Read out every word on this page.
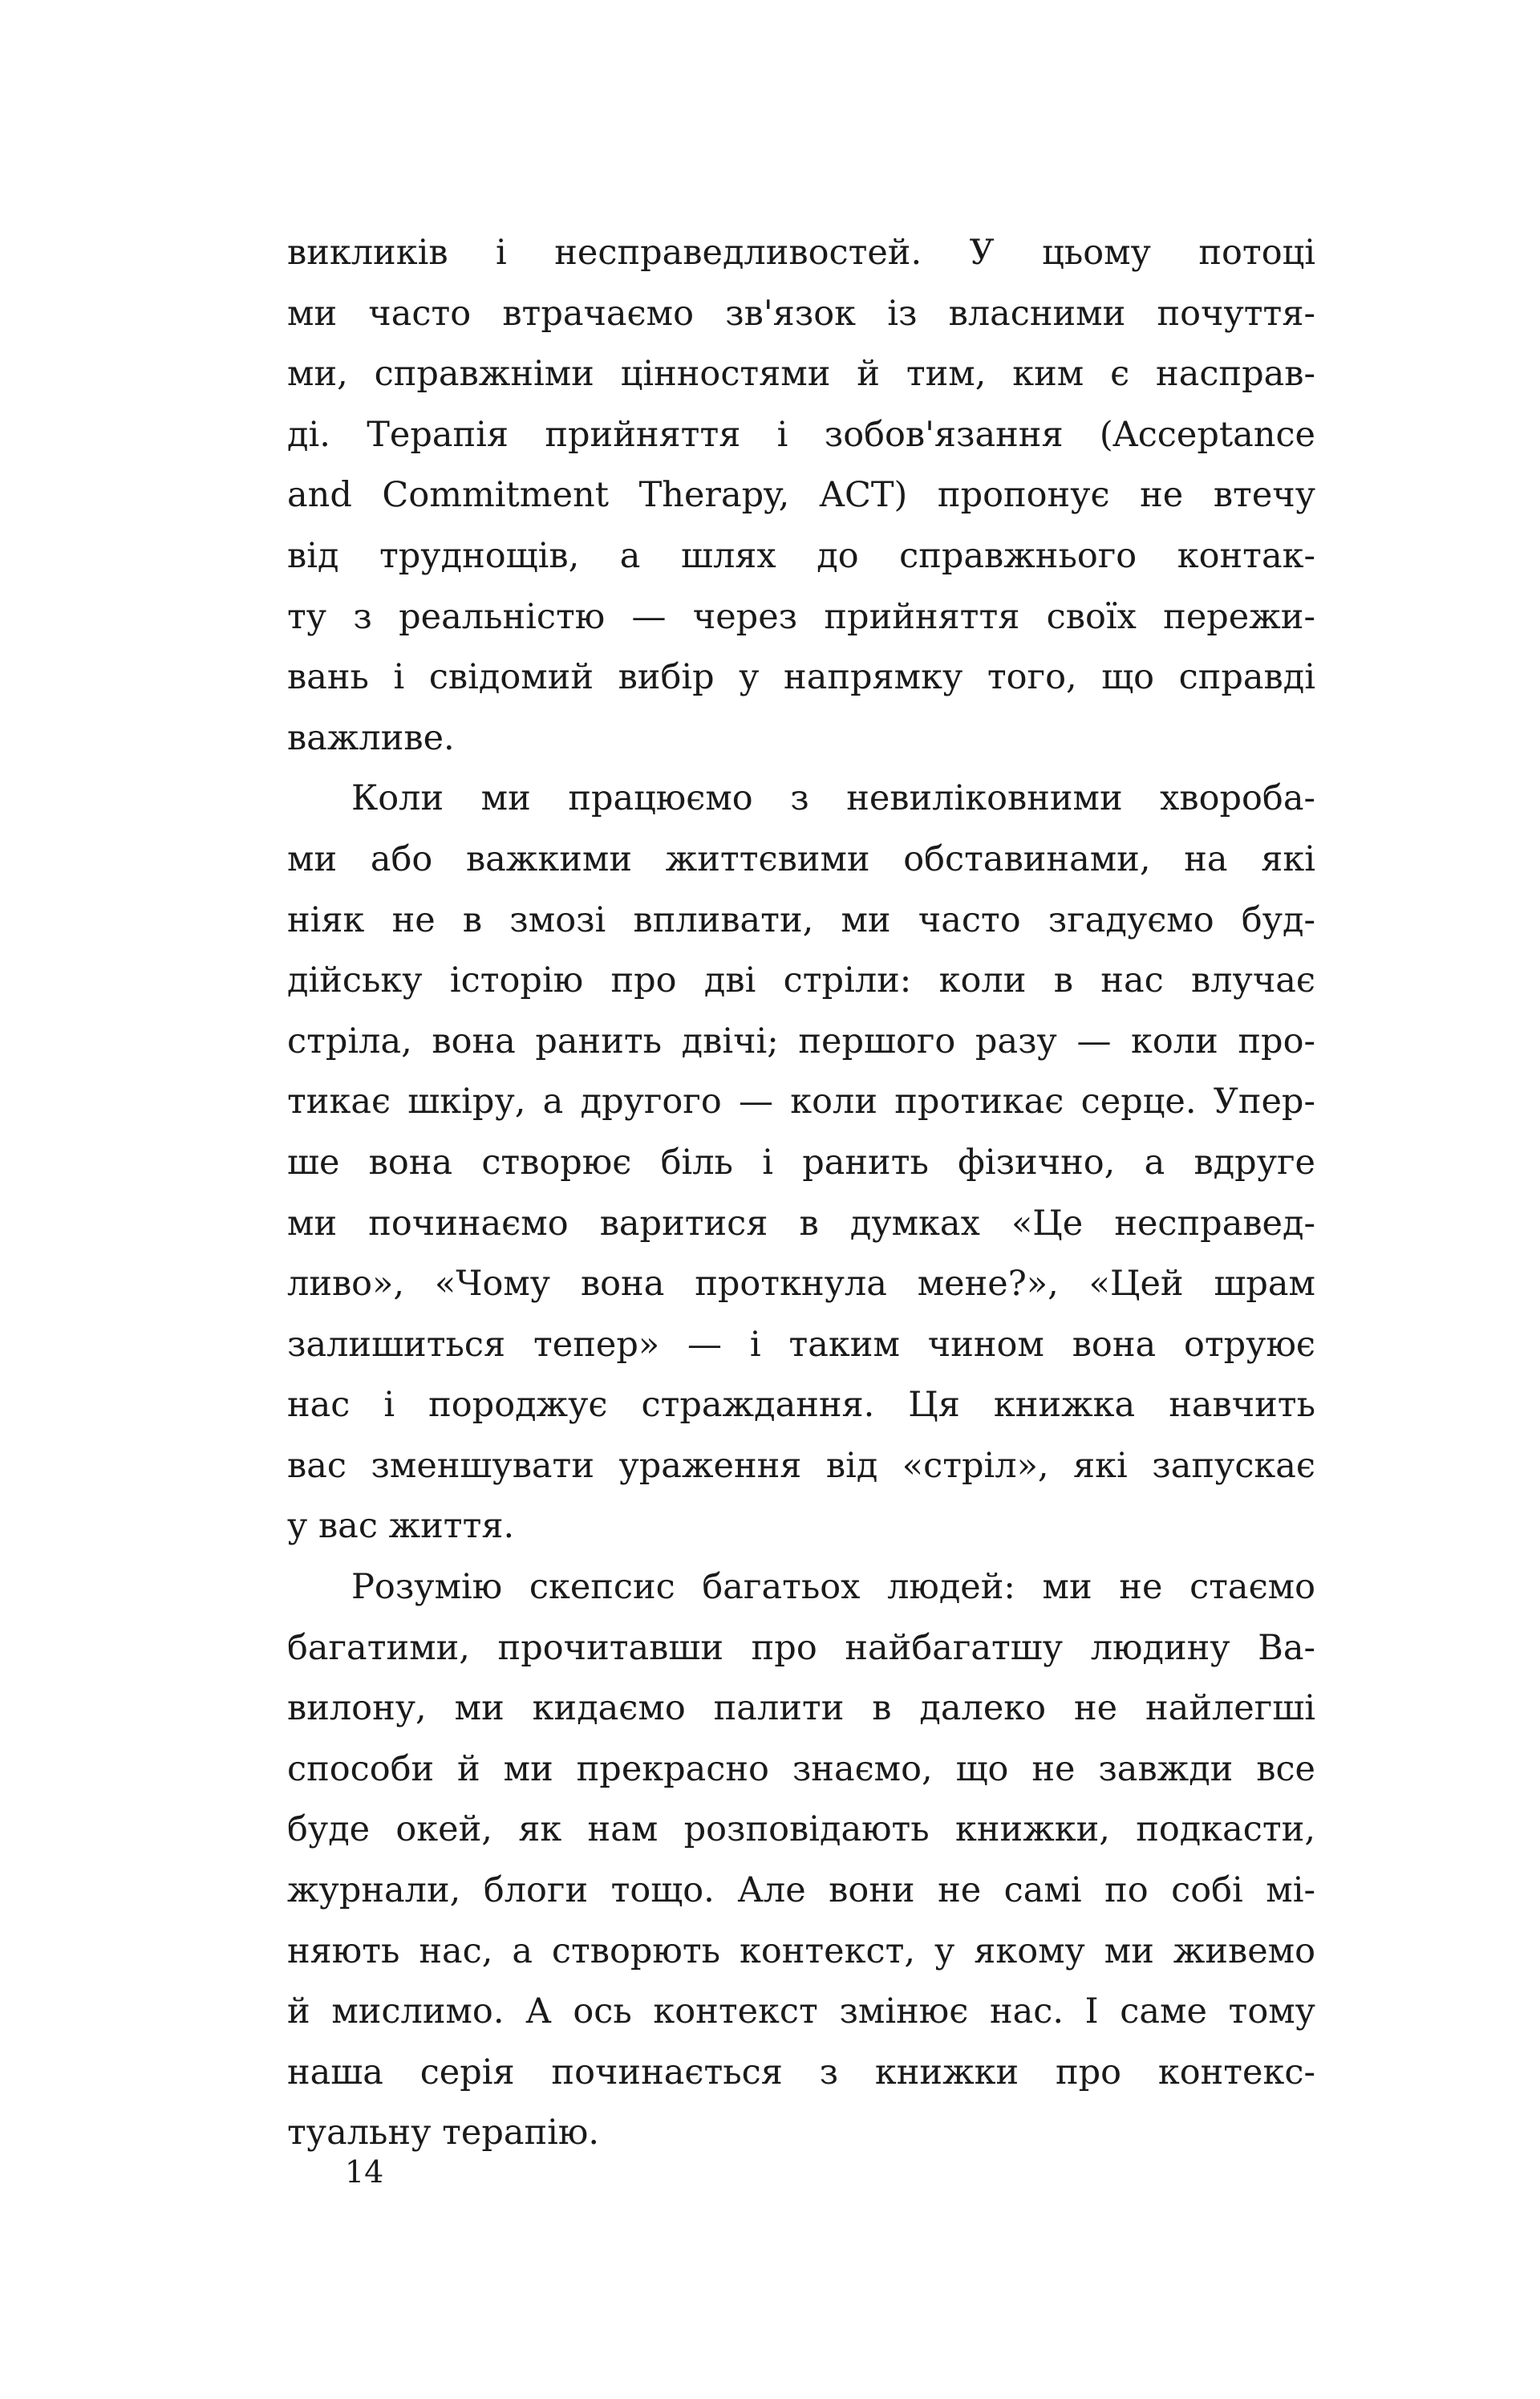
викликів і несправедливостей. У цьому потоці
ми часто втрачаємо зв'язок із власними почуття-
ми, справжніми цінностями й тим, ким є насправ-
ді. Терапія прийняття і зобов'язання (Acceptance
and Commitment Therapy, ACT) пропонує не втечу
від труднощів, а шлях до справжнього контак-
ту з реальністю — через прийняття своїх пережи-
вань і свідомий вибір у напрямку того, що справді
важливе.
Коли ми працюємо з невиліковними хвороба-
ми або важкими життєвими обставинами, на які
ніяк не в змозі впливати, ми часто згадуємо буд-
дійську історію про дві стріли: коли в нас влучає
стріла, вона ранить двічі; першого разу — коли про-
тикає шкіру, а другого — коли протикає серце. Упер-
ше вона створює біль і ранить фізично, а вдруге
ми починаємо варитися в думках «Це несправед-
ливо», «Чому вона проткнула мене?», «Цей шрам
залишиться тепер» — і таким чином вона отруює
нас і породжує страждання. Ця книжка навчить
вас зменшувати ураження від «стріл», які запускає
у вас життя.
Розумію скепсис багатьох людей: ми не стаємо
багатими, прочитавши про найбагатшу людину Ва-
вилону, ми кидаємо палити в далеко не найлегші
способи й ми прекрасно знаємо, що не завжди все
буде окей, як нам розповідають книжки, подкасти,
журнали, блоги тощо. Але вони не самі по собі мі-
няють нас, а створють контекст, у якому ми живемо
й мислимо. А ось контекст змінює нас. І саме тому
наша серія починається з книжки про контекс-
туальну терапію.
14
